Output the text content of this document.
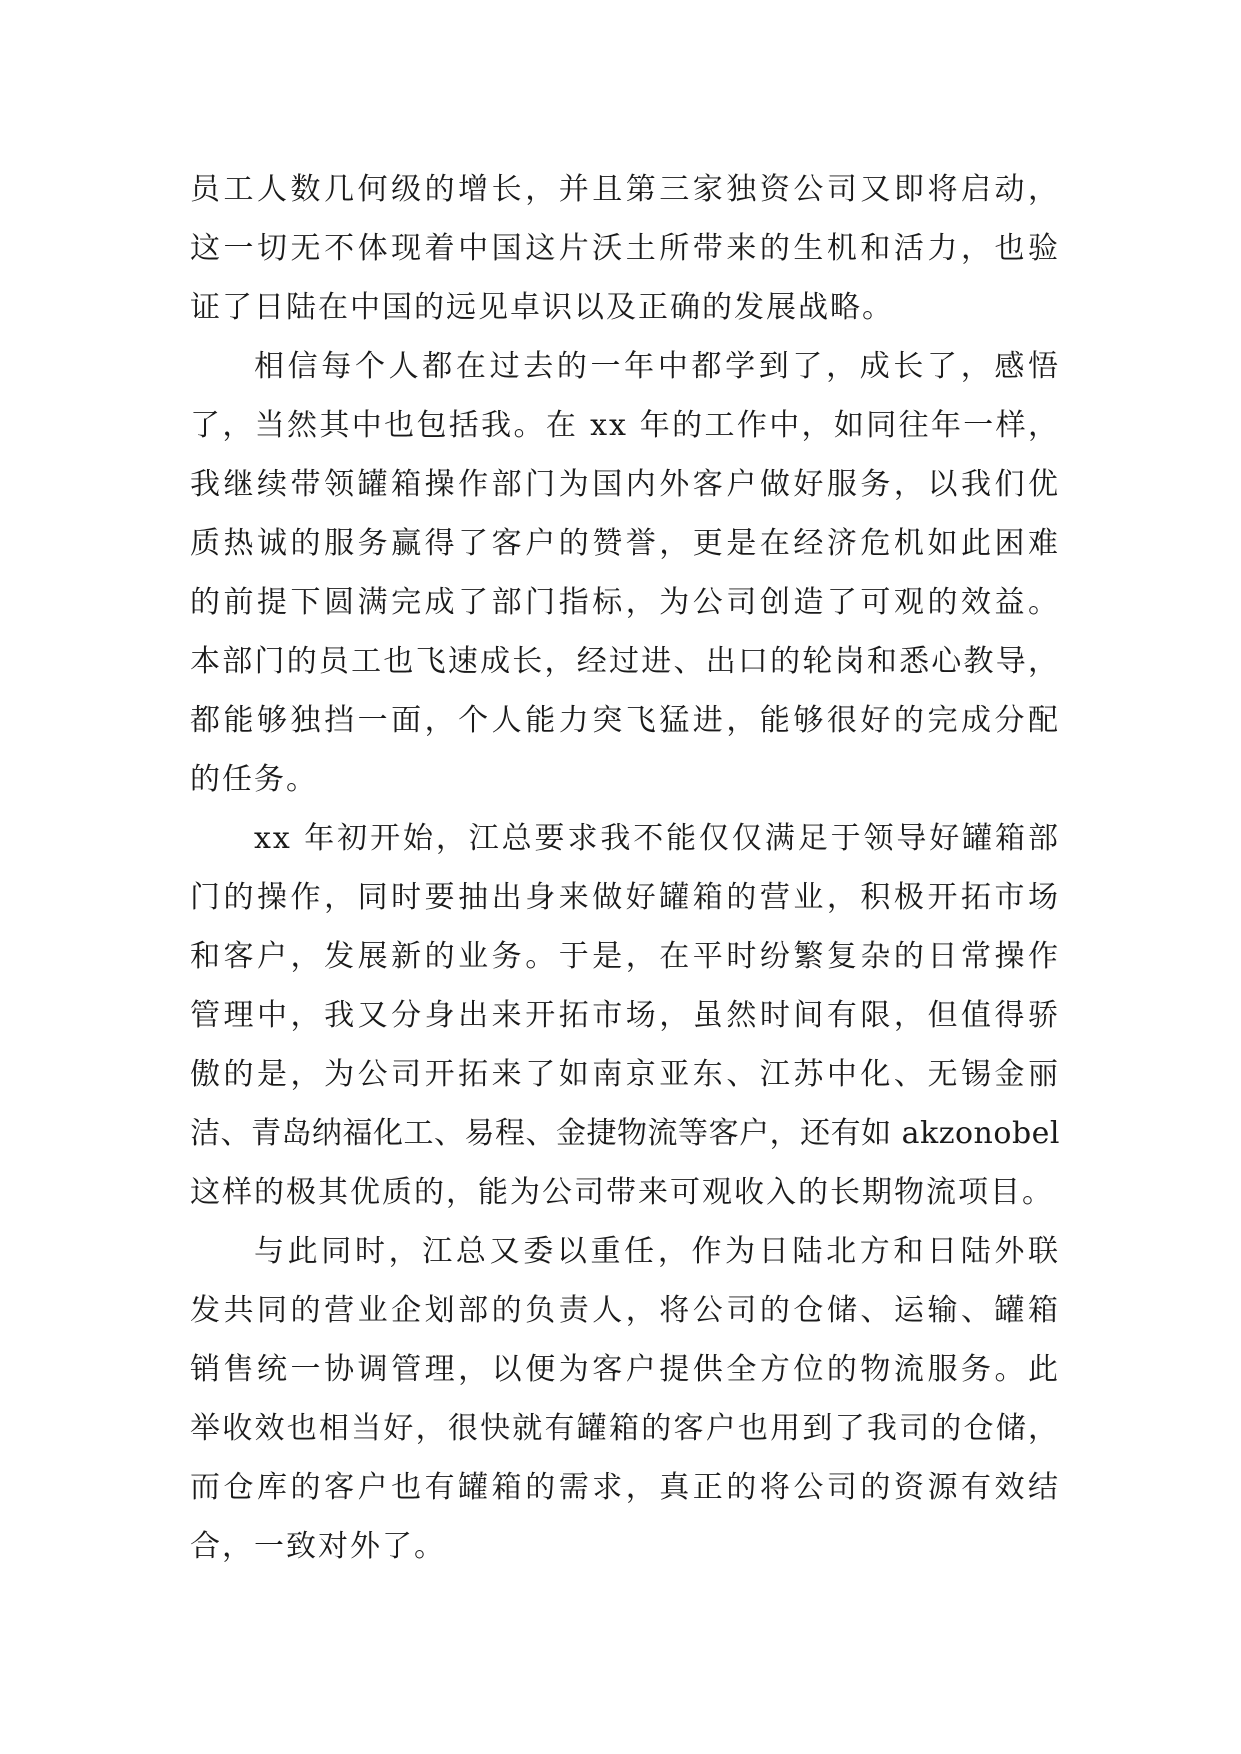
员工人数几何级的增长，并且第三家独资公司又即将启动，
这一切无不体现着中国这片沃土所带来的生机和活力，也验
证了日陆在中国的远见卓识以及正确的发展战略。
相信每个人都在过去的一年中都学到了，成长了，感悟
了，当然其中也包括我。在 xx 年的工作中，如同往年一样，
我继续带领罐箱操作部门为国内外客户做好服务，以我们优
质热诚的服务赢得了客户的赞誉，更是在经济危机如此困难
的前提下圆满完成了部门指标，为公司创造了可观的效益。
本部门的员工也飞速成长，经过进、出口的轮岗和悉心教导，
都能够独挡一面，个人能力突飞猛进，能够很好的完成分配
的任务。
xx 年初开始，江总要求我不能仅仅满足于领导好罐箱部
门的操作，同时要抽出身来做好罐箱的营业，积极开拓市场
和客户，发展新的业务。于是，在平时纷繁复杂的日常操作
管理中，我又分身出来开拓市场，虽然时间有限，但值得骄
傲的是，为公司开拓来了如南京亚东、江苏中化、无锡金丽
洁、青岛纳福化工、易程、金捷物流等客户，还有如 akzonobel
这样的极其优质的，能为公司带来可观收入的长期物流项目。
与此同时，江总又委以重任，作为日陆北方和日陆外联
发共同的营业企划部的负责人，将公司的仓储、运输、罐箱
销售统一协调管理，以便为客户提供全方位的物流服务。此
举收效也相当好，很快就有罐箱的客户也用到了我司的仓储，
而仓库的客户也有罐箱的需求，真正的将公司的资源有效结
合，一致对外了。
